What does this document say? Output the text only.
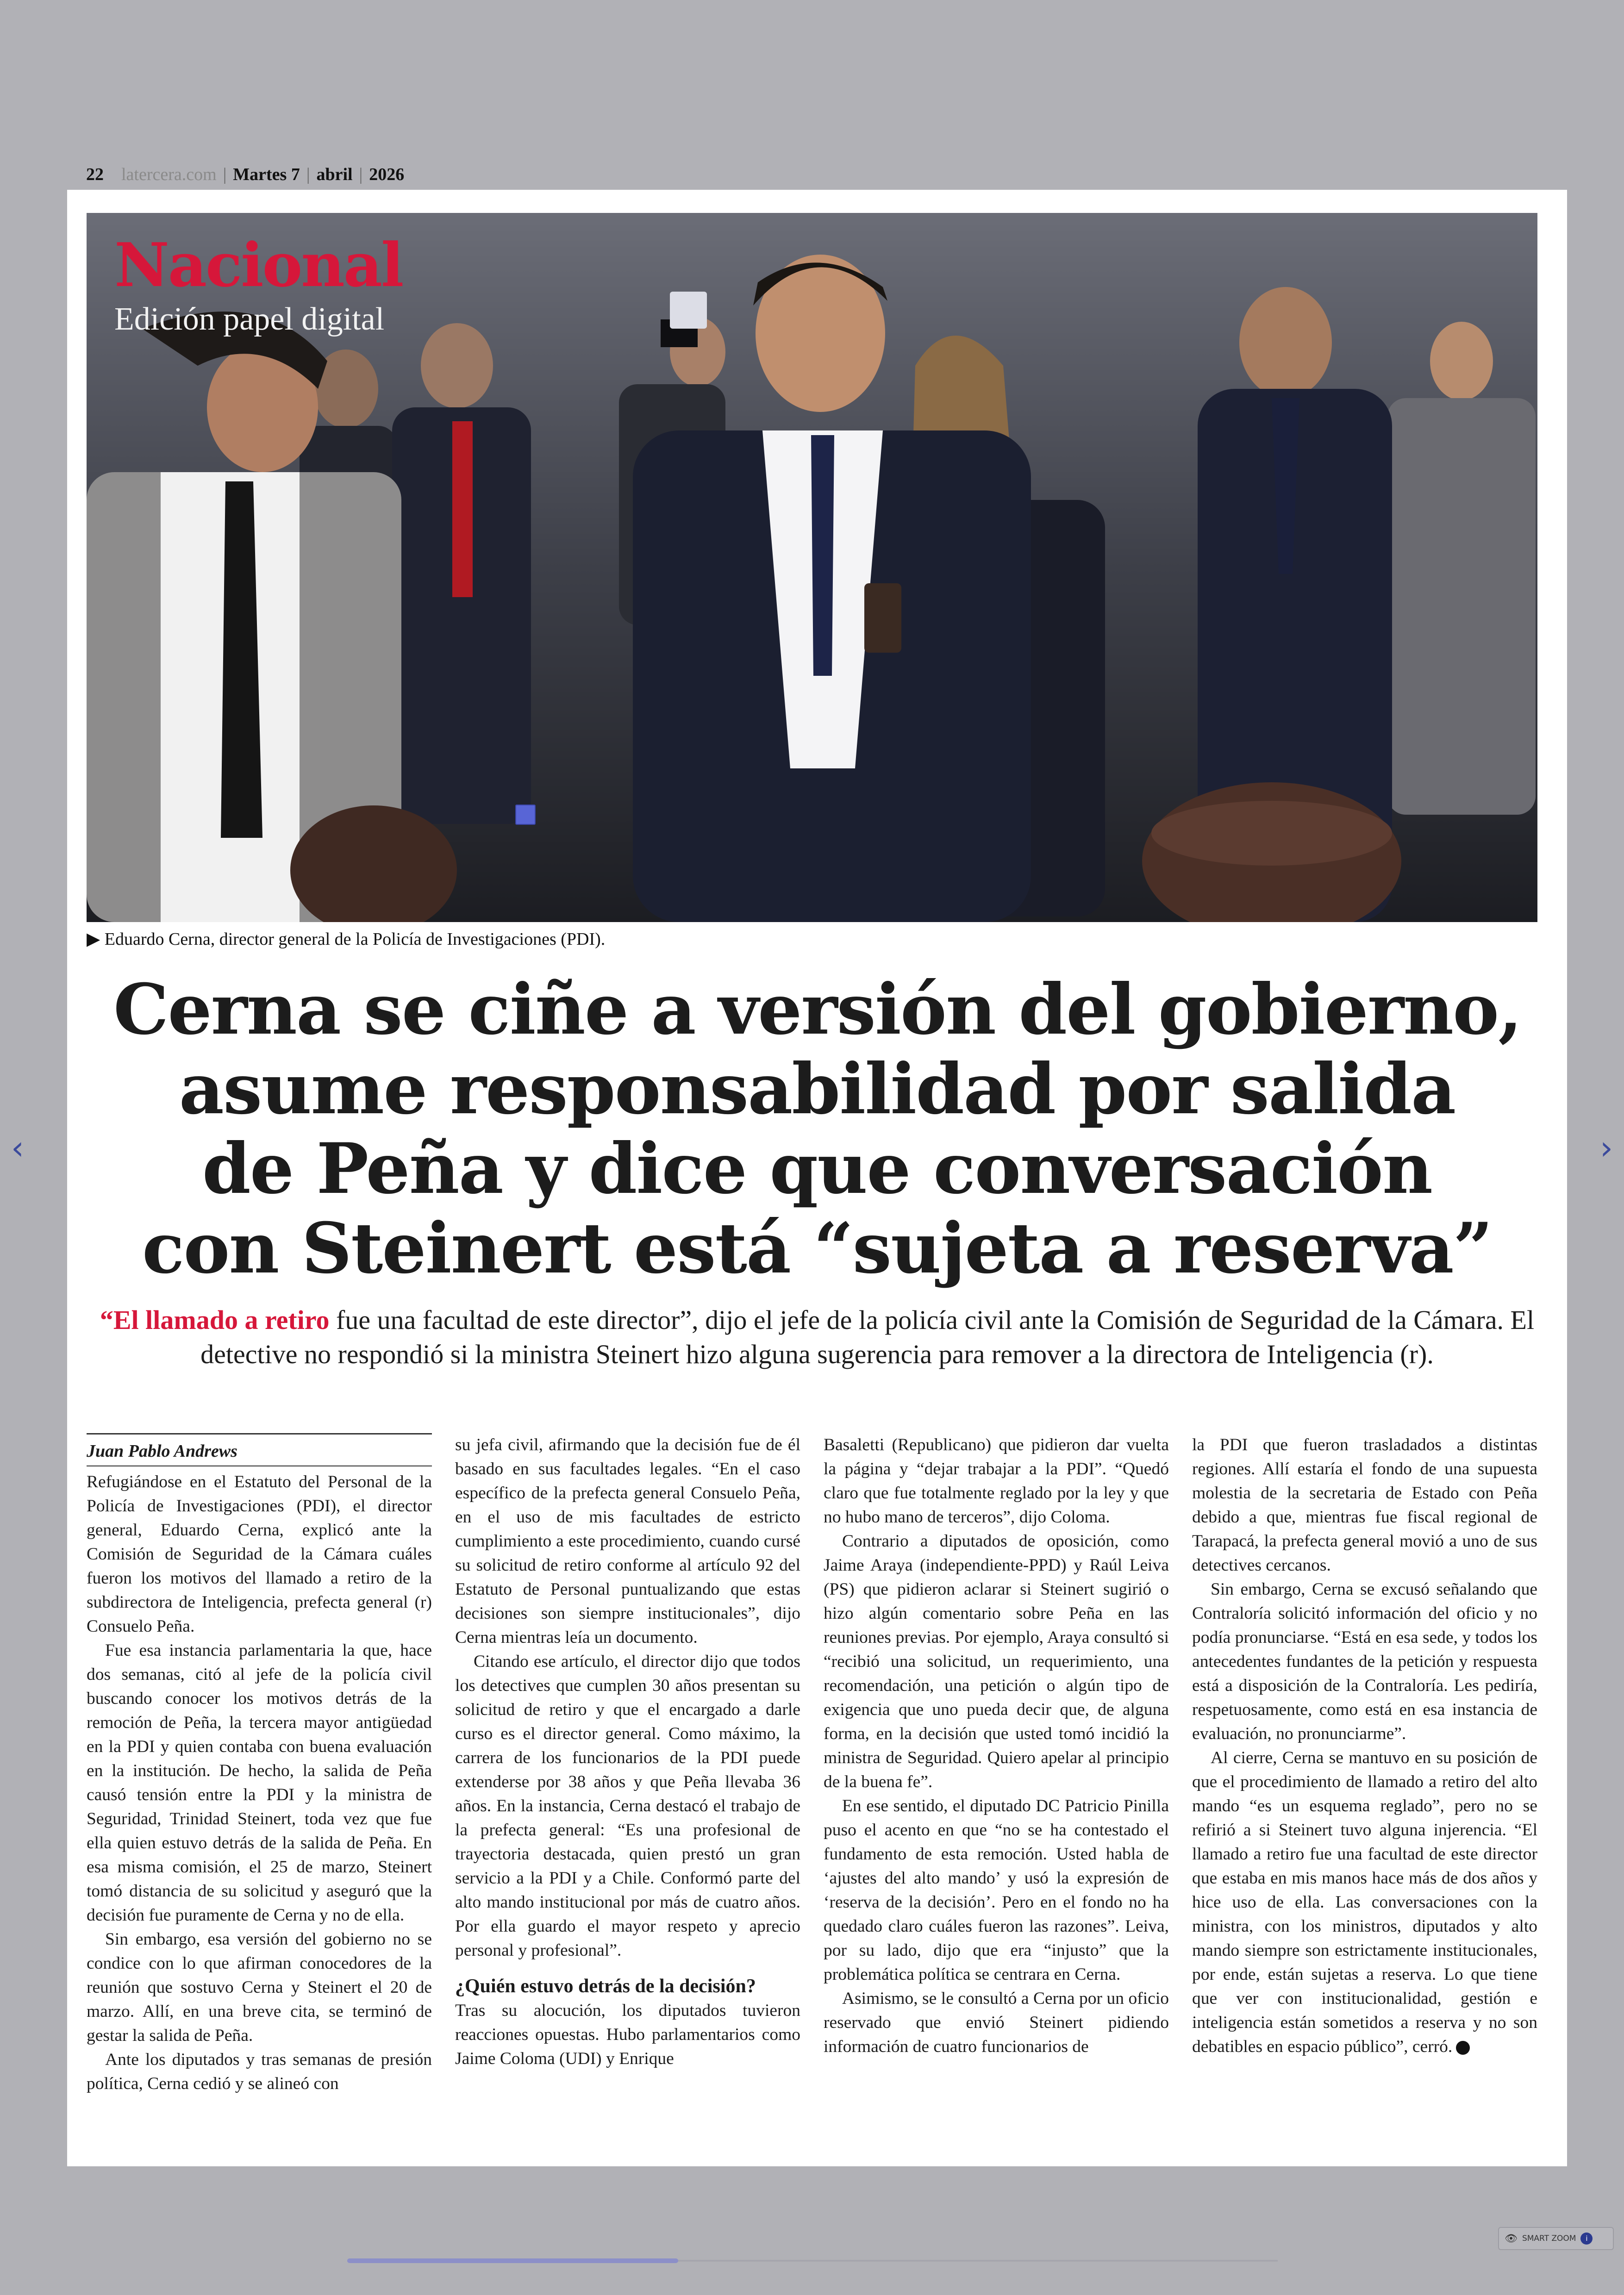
22 latercera.com | Martes 7 | abril | 2026
Nacional
Edición papel digital
▶ Eduardo Cerna, director general de la Policía de Investigaciones (PDI).
Cerna se ciñe a versión del gobierno,
asume responsabilidad por salida
de Peña y dice que conversación
con Steinert está “sujeta a reserva”
“El llamado a retiro fue una facultad de este director”, dijo el jefe de la policía civil ante la Comisión de Seguridad de la Cámara. El detective no respondió si la ministra Steinert hizo alguna sugerencia para remover a la directora de Inteligencia (r).
Juan Pablo Andrews

Refugiándose en el Estatuto del Personal de la Policía de Investigaciones (PDI), el director general, Eduardo Cerna, explicó ante la Comisión de Seguridad de la Cámara cuáles fueron los motivos del llamado a retiro de la subdirectora de Inteligencia, prefecta general (r) Consuelo Peña.

Fue esa instancia parlamentaria la que, hace dos semanas, citó al jefe de la policía civil buscando conocer los motivos detrás de la remoción de Peña, la tercera mayor antigüedad en la PDI y quien contaba con buena evaluación en la institución. De hecho, la salida de Peña causó tensión entre la PDI y la ministra de Seguridad, Trinidad Steinert, toda vez que fue ella quien estuvo detrás de la salida de Peña. En esa misma comisión, el 25 de marzo, Steinert tomó distancia de su solicitud y aseguró que la decisión fue puramente de Cerna y no de ella.

Sin embargo, esa versión del gobierno no se condice con lo que afirman conocedores de la reunión que sostuvo Cerna y Steinert el 20 de marzo. Allí, en una breve cita, se terminó de gestar la salida de Peña.

Ante los diputados y tras semanas de presión política, Cerna cedió y se alineó con

su jefa civil, afirmando que la decisión fue de él basado en sus facultades legales. “En el caso específico de la prefecta general Consuelo Peña, en el uso de mis facultades de estricto cumplimiento a este procedimiento, cuando cursé su solicitud de retiro conforme al artículo 92 del Estatuto de Personal puntualizando que estas decisiones son siempre institucionales”, dijo Cerna mientras leía un documento.

Citando ese artículo, el director dijo que todos los detectives que cumplen 30 años presentan su solicitud de retiro y que el encargado a darle curso es el director general. Como máximo, la carrera de los funcionarios de la PDI puede extenderse por 38 años y que Peña llevaba 36 años. En la instancia, Cerna destacó el trabajo de la prefecta general: “Es una profesional de trayectoria destacada, quien prestó un gran servicio a la PDI y a Chile. Conformó parte del alto mando institucional por más de cuatro años. Por ella guardo el mayor respeto y aprecio personal y profesional”.

¿Quién estuvo detrás de la decisión?

Tras su alocución, los diputados tuvieron reacciones opuestas. Hubo parlamentarios como Jaime Coloma (UDI) y Enrique

Basaletti (Republicano) que pidieron dar vuelta la página y “dejar trabajar a la PDI”. “Quedó claro que fue totalmente reglado por la ley y que no hubo mano de terceros”, dijo Coloma.

Contrario a diputados de oposición, como Jaime Araya (independiente-PPD) y Raúl Leiva (PS) que pidieron aclarar si Steinert sugirió o hizo algún comentario sobre Peña en las reuniones previas. Por ejemplo, Araya consultó si “recibió una solicitud, un requerimiento, una recomendación, una petición o algún tipo de exigencia que uno pueda decir que, de alguna forma, en la decisión que usted tomó incidió la ministra de Seguridad. Quiero apelar al principio de la buena fe”.

En ese sentido, el diputado DC Patricio Pinilla puso el acento en que “no se ha contestado el fundamento de esta remoción. Usted habla de ‘ajustes del alto mando’ y usó la expresión de ‘reserva de la decisión’. Pero en el fondo no ha quedado claro cuáles fueron las razones”. Leiva, por su lado, dijo que era “injusto” que la problemática política se centrara en Cerna.

Asimismo, se le consultó a Cerna por un oficio reservado que envió Steinert pidiendo información de cuatro funcionarios de

la PDI que fueron trasladados a distintas regiones. Allí estaría el fondo de una supuesta molestia de la secretaria de Estado con Peña debido a que, mientras fue fiscal regional de Tarapacá, la prefecta general movió a uno de sus detectives cercanos.

Sin embargo, Cerna se excusó señalando que Contraloría solicitó información del oficio y no podía pronunciarse. “Está en esa sede, y todos los antecedentes fundantes de la petición y respuesta está a disposición de la Contraloría. Les pediría, respetuosamente, como está en esa instancia de evaluación, no pronunciarme”.

Al cierre, Cerna se mantuvo en su posición de que el procedimiento de llamado a retiro del alto mando “es un esquema reglado”, pero no se refirió a si Steinert tuvo alguna injerencia. “El llamado a retiro fue una facultad de este director que estaba en mis manos hace más de dos años y hice uso de ella. Las conversaciones con la ministra, con los ministros, diputados y alto mando siempre son estrictamente institucionales, por ende, están sujetas a reserva. Lo que tiene que ver con institucionalidad, gestión e inteligencia están sometidos a reserva y no son debatibles en espacio público”, cerró.

‹	›
👁 SMART ZOOM	i
